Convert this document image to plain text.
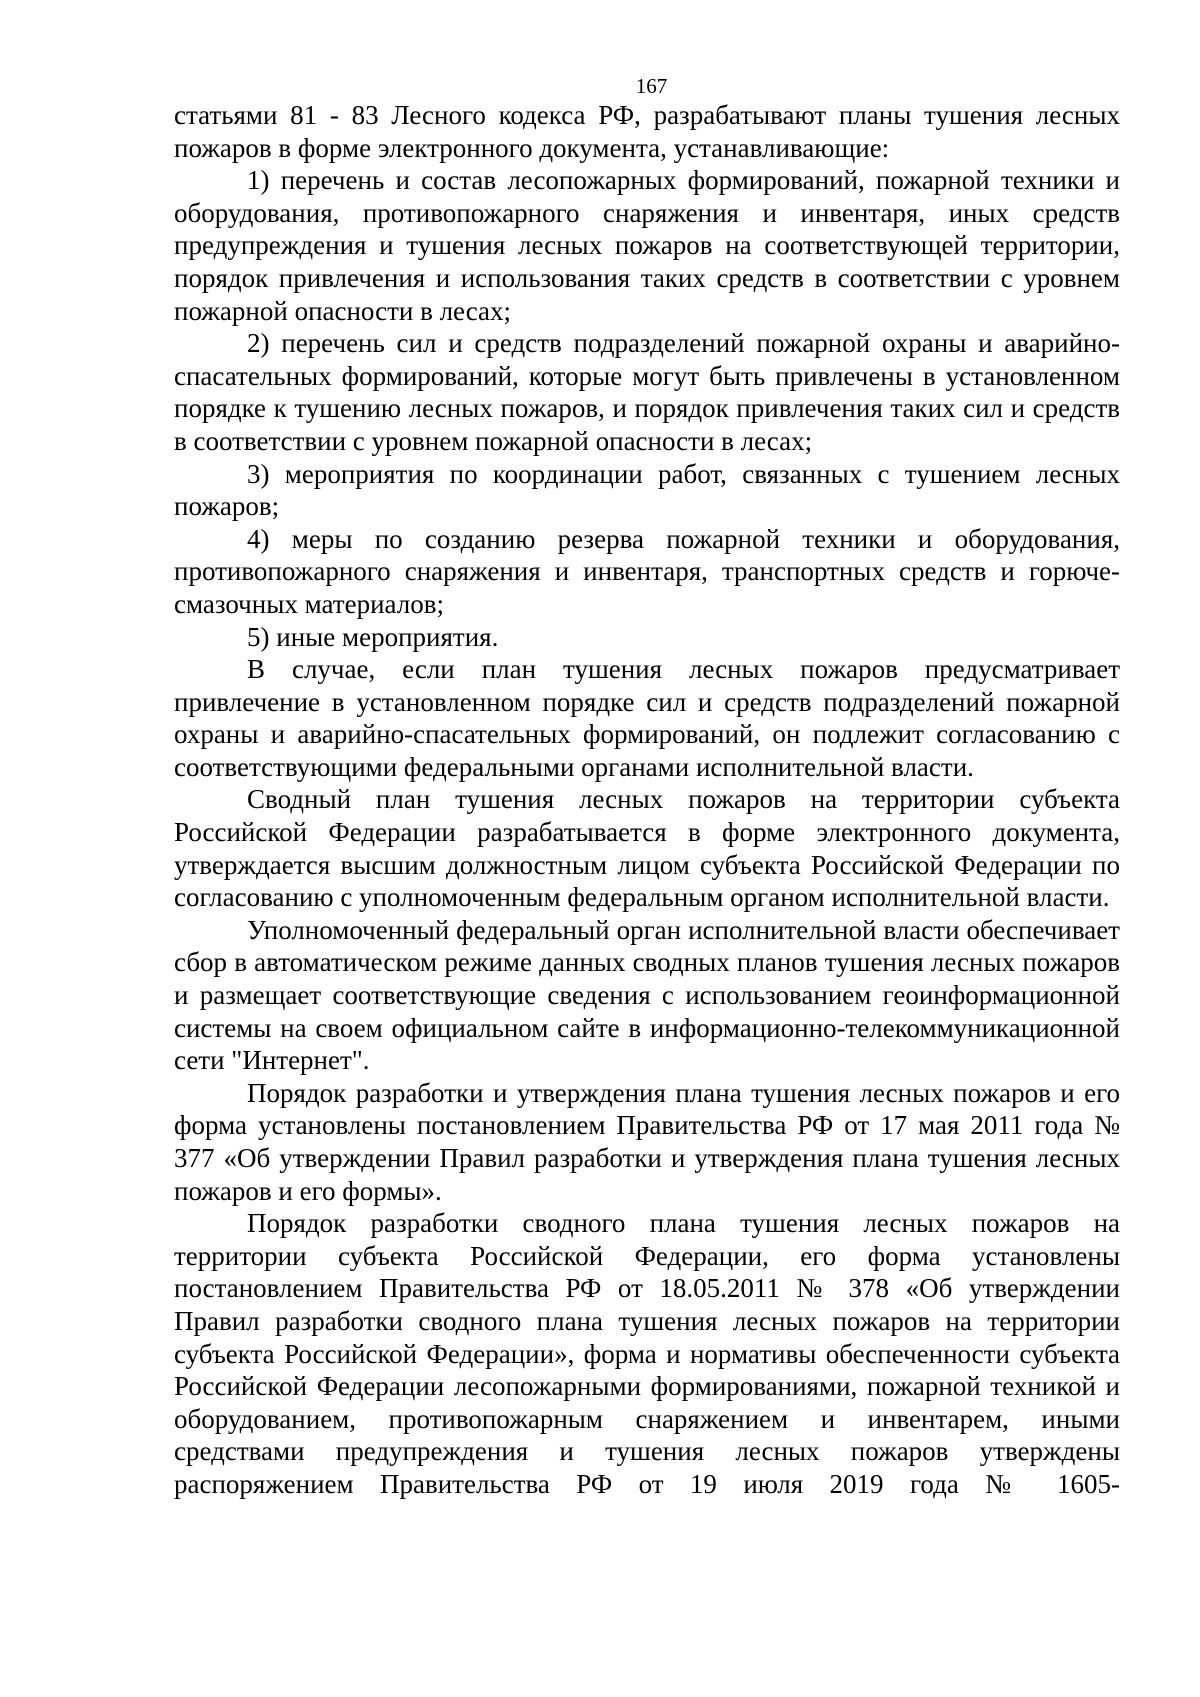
167

статьями 81 - 83 Лесного кодекса РФ, разрабатывают планы тушения лесных пожаров в форме электронного документа, устанавливающие:

1) перечень и состав лесопожарных формирований, пожарной техники и оборудования, противопожарного снаряжения и инвентаря, иных средств предупреждения и тушения лесных пожаров на соответствующей территории, порядок привлечения и использования таких средств в соответствии с уровнем пожарной опасности в лесах;

2) перечень сил и средств подразделений пожарной охраны и аварийно-спасательных формирований, которые могут быть привлечены в установленном порядке к тушению лесных пожаров, и порядок привлечения таких сил и средств в соответствии с уровнем пожарной опасности в лесах;

3) мероприятия по координации работ, связанных с тушением лесных пожаров;

4) меры по созданию резерва пожарной техники и оборудования, противопожарного снаряжения и инвентаря, транспортных средств и горюче-смазочных материалов;

5) иные мероприятия.

В случае, если план тушения лесных пожаров предусматривает привлечение в установленном порядке сил и средств подразделений пожарной охраны и аварийно-спасательных формирований, он подлежит согласованию с соответствующими федеральными органами исполнительной власти.

Сводный план тушения лесных пожаров на территории субъекта Российской Федерации разрабатывается в форме электронного документа, утверждается высшим должностным лицом субъекта Российской Федерации по согласованию с уполномоченным федеральным органом исполнительной власти.

Уполномоченный федеральный орган исполнительной власти обеспечивает сбор в автоматическом режиме данных сводных планов тушения лесных пожаров и размещает соответствующие сведения с использованием геоинформационной системы на своем официальном сайте в информационно-телекоммуникационной сети "Интернет".

Порядок разработки и утверждения плана тушения лесных пожаров и его форма установлены постановлением Правительства РФ от 17 мая 2011 года № 377 «Об утверждении Правил разработки и утверждения плана тушения лесных пожаров и его формы».

Порядок разработки сводного плана тушения лесных пожаров на территории субъекта Российской Федерации, его форма установлены постановлением Правительства РФ от 18.05.2011 № 378 «Об утверждении Правил разработки сводного плана тушения лесных пожаров на территории субъекта Российской Федерации», форма и нормативы обеспеченности субъекта Российской Федерации лесопожарными формированиями, пожарной техникой и оборудованием, противопожарным снаряжением и инвентарем, иными средствами предупреждения и тушения лесных пожаров утверждены распоряжением Правительства РФ от 19 июля 2019 года № 1605-
